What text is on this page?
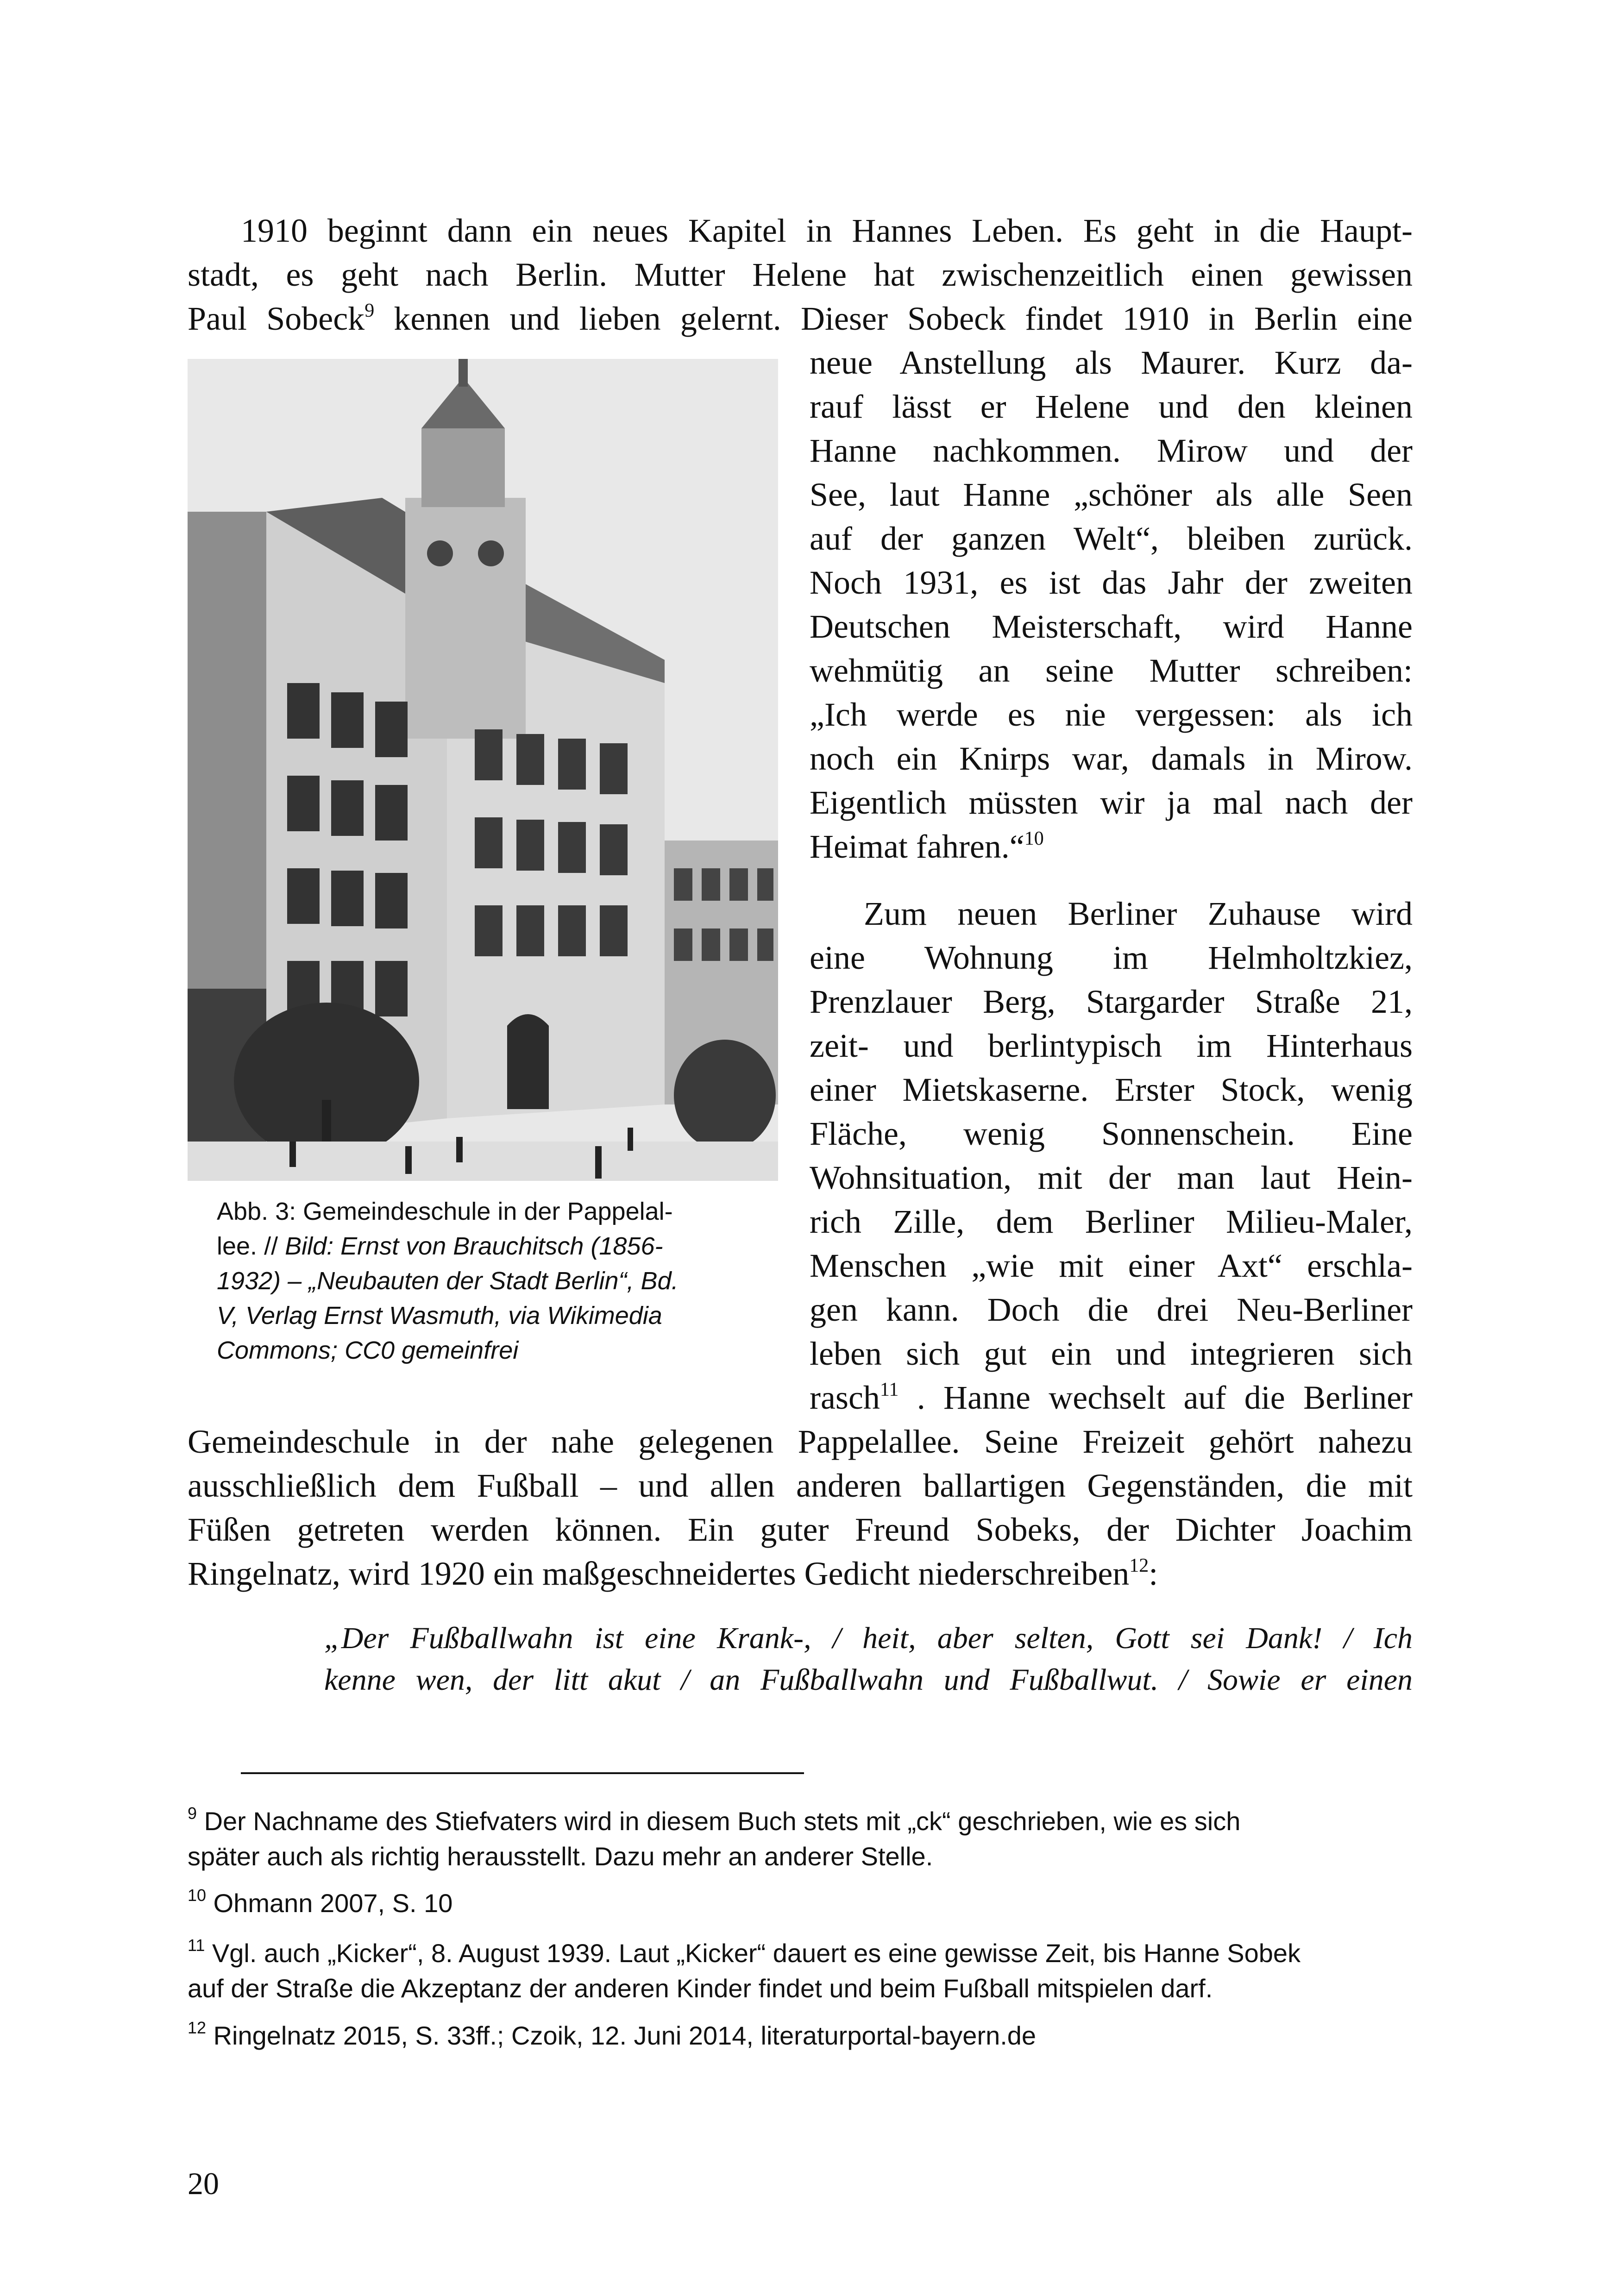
1910 beginnt dann ein neues Kapitel in Hannes Leben. Es geht in die Haupt-
stadt, es geht nach Berlin. Mutter Helene hat zwischenzeitlich einen gewissen
Paul Sobeck$^9$ kennen und lieben gelernt. Dieser Sobeck findet 1910 in Berlin eine
neue Anstellung als Maurer. Kurz da-
rauf lässt er Helene und den kleinen
Hanne nachkommen. Mirow und der
See, laut Hanne „schöner als alle Seen
auf der ganzen Welt“, bleiben zurück.
Noch 1931, es ist das Jahr der zweiten
Deutschen Meisterschaft, wird Hanne
wehmütig an seine Mutter schreiben:
„Ich werde es nie vergessen: als ich
noch ein Knirps war, damals in Mirow.
Eigentlich müssten wir ja mal nach der
Heimat fahren.“$^{10}$
Zum neuen Berliner Zuhause wird
eine Wohnung im Helmholtzkiez,
Prenzlauer Berg, Stargarder Straße 21,
zeit- und berlintypisch im Hinterhaus
einer Mietskaserne. Erster Stock, wenig
Fläche, wenig Sonnenschein. Eine
Wohnsituation, mit der man laut Hein-
rich Zille, dem Berliner Milieu-Maler,
Menschen „wie mit einer Axt“ erschla-
gen kann. Doch die drei Neu-Berliner
leben sich gut ein und integrieren sich
rasch$^{11}$ . Hanne wechselt auf die Berliner
Abb. 3: Gemeindeschule in der Pappelal-
lee. // Bild: Ernst von Brauchitsch (1856-
1932) – „Neubauten der Stadt Berlin“, Bd.
V, Verlag Ernst Wasmuth, via Wikimedia
Commons; CC0 gemeinfrei
Gemeindeschule in der nahe gelegenen Pappelallee. Seine Freizeit gehört nahezu
ausschließlich dem Fußball – und allen anderen ballartigen Gegenständen, die mit
Füßen getreten werden können. Ein guter Freund Sobeks, der Dichter Joachim
Ringelnatz, wird 1920 ein maßgeschneidertes Gedicht niederschreiben$^{12}$:
„Der Fußballwahn ist eine Krank-, / heit, aber selten, Gott sei Dank! / Ich
kenne wen, der litt akut / an Fußballwahn und Fußballwut. / Sowie er einen
$^9$ Der Nachname des Stiefvaters wird in diesem Buch stets mit „ck“ geschrieben, wie es sich
später auch als richtig herausstellt. Dazu mehr an anderer Stelle.
$^{10}$ Ohmann 2007, S. 10
$^{11}$ Vgl. auch „Kicker“, 8. August 1939. Laut „Kicker“ dauert es eine gewisse Zeit, bis Hanne Sobek
auf der Straße die Akzeptanz der anderen Kinder findet und beim Fußball mitspielen darf.
$^{12}$ Ringelnatz 2015, S. 33ff.; Czoik, 12. Juni 2014, literaturportal-bayern.de
20
